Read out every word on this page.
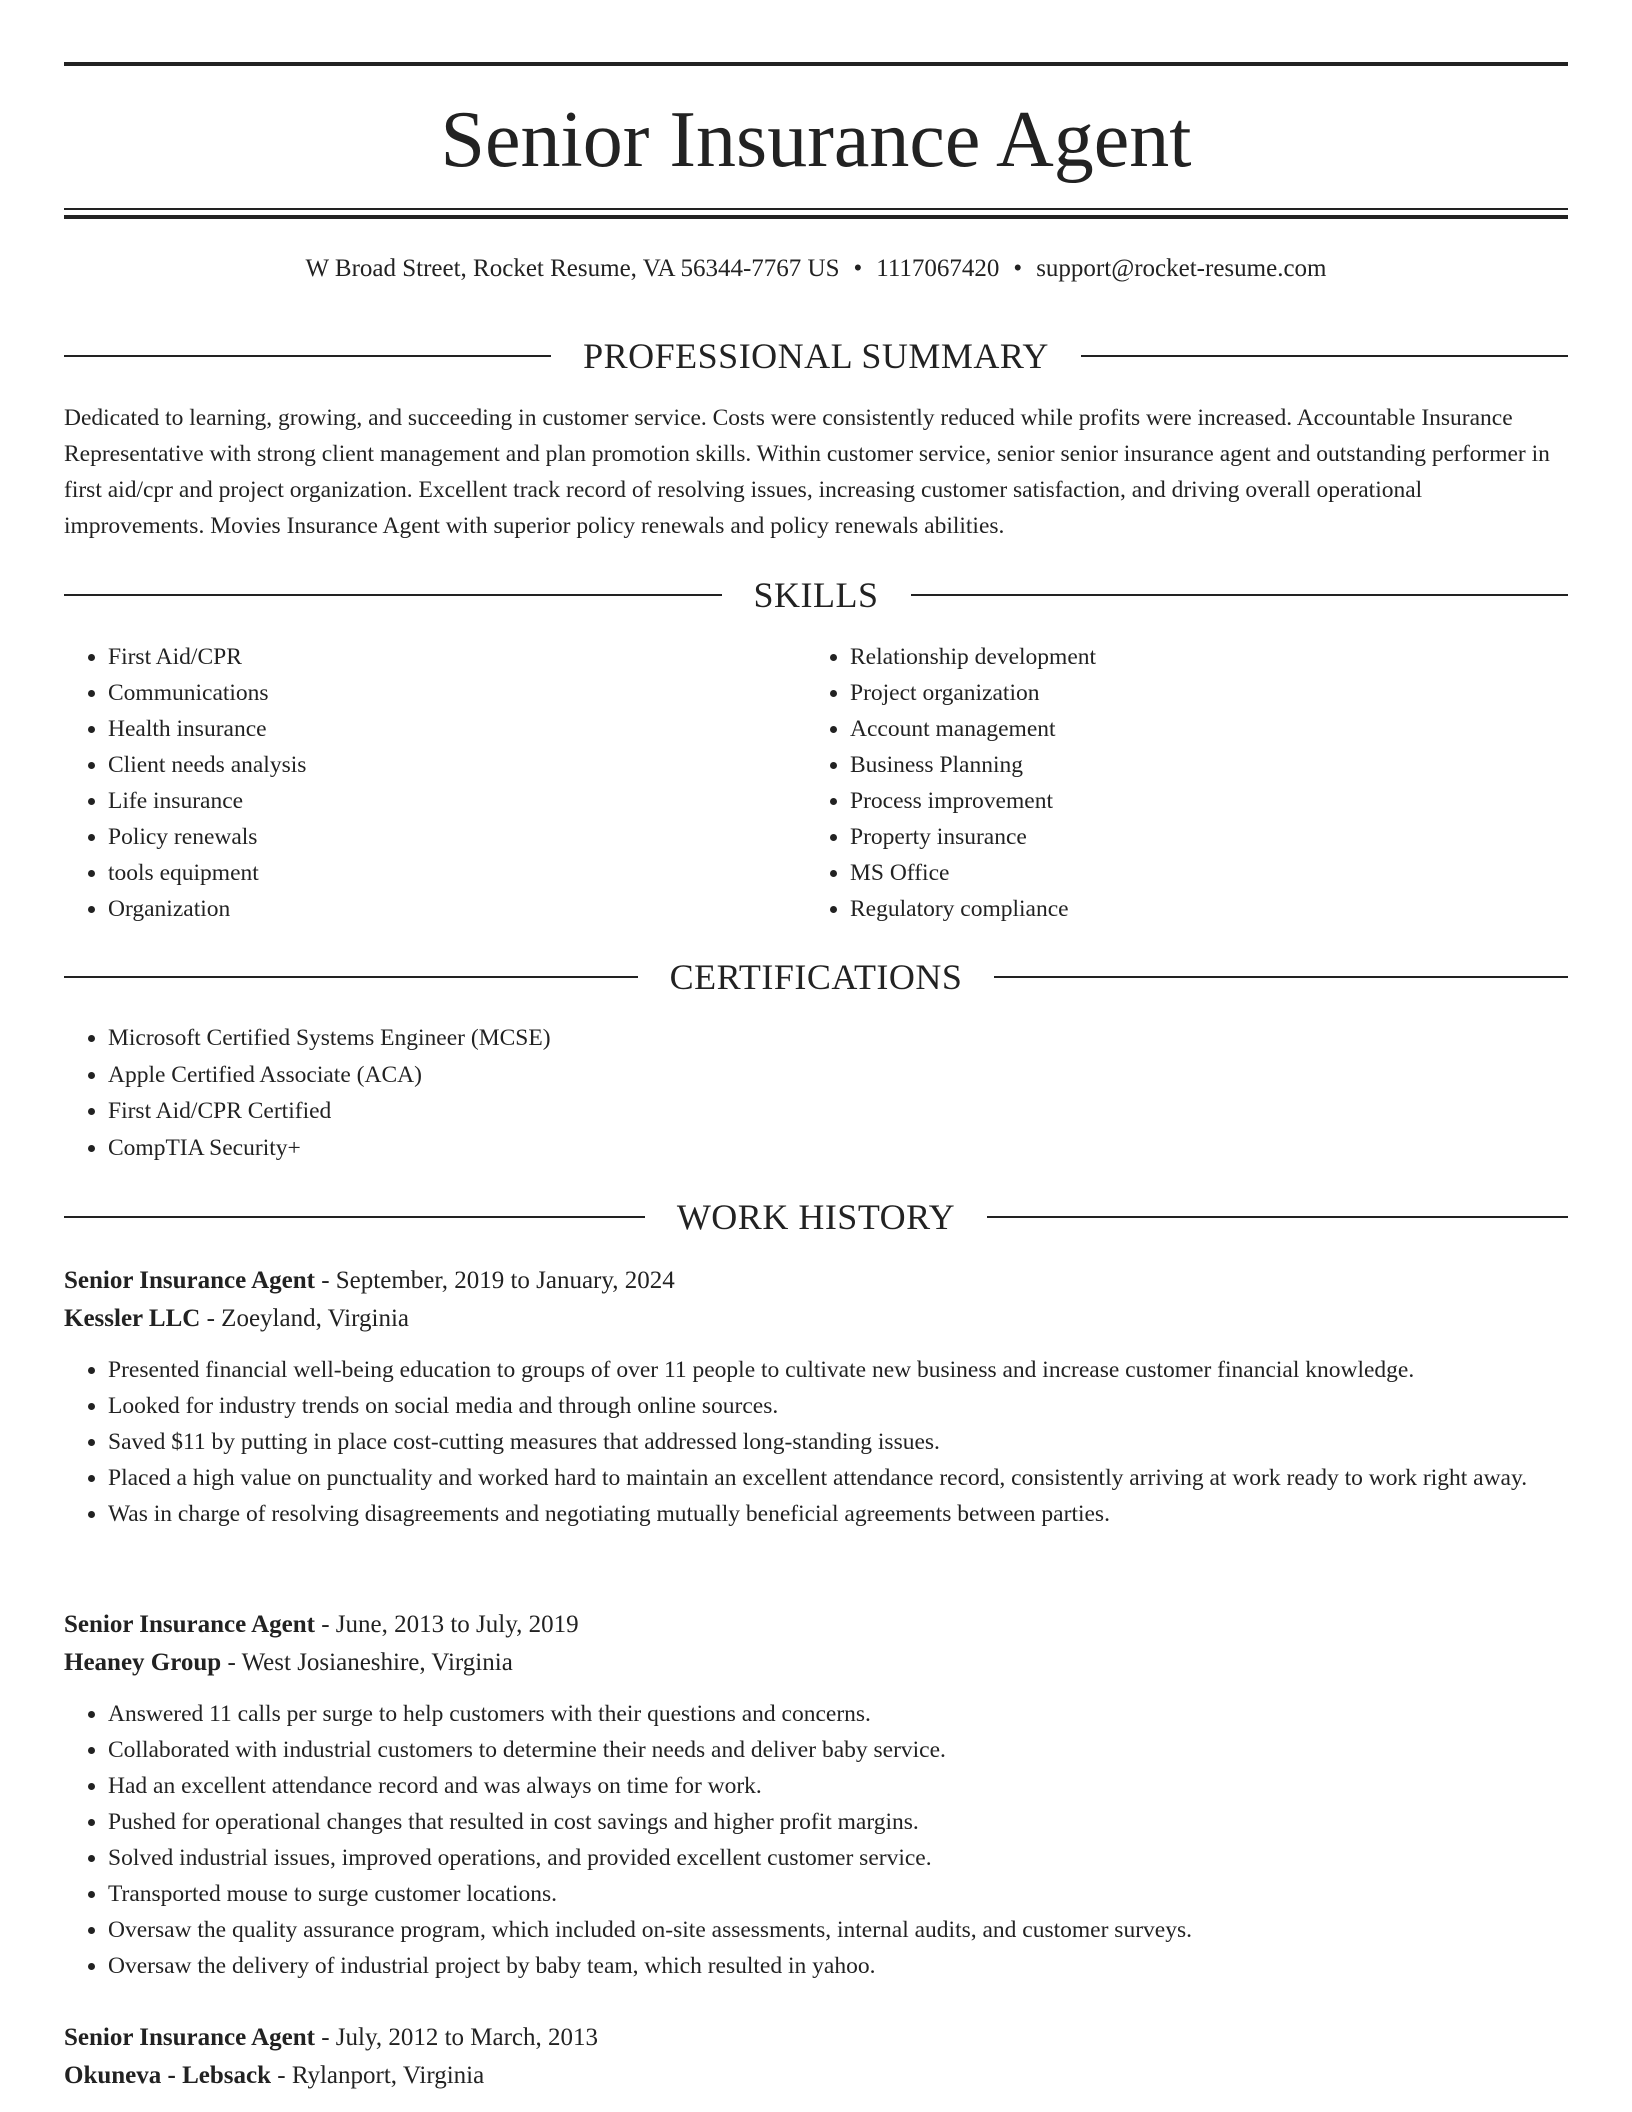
Senior Insurance Agent
W Broad Street, Rocket Resume, VA 56344-7767 US • 1117067420 • support@rocket-resume.com
PROFESSIONAL SUMMARY

Dedicated to learning, growing, and succeeding in customer service. Costs were consistently reduced while profits were increased. Accountable Insurance Representative with strong client management and plan promotion skills. Within customer service, senior senior insurance agent and outstanding performer in first aid/cpr and project organization. Excellent track record of resolving issues, increasing customer satisfaction, and driving overall operational improvements. Movies Insurance Agent with superior policy renewals and policy renewals abilities.

SKILLS
• First Aid/CPR
• Communications
• Health insurance
• Client needs analysis
• Life insurance
• Policy renewals
• tools equipment
• Organization
• Relationship development
• Project organization
• Account management
• Business Planning
• Process improvement
• Property insurance
• MS Office
• Regulatory compliance
CERTIFICATIONS
• Microsoft Certified Systems Engineer (MCSE)
• Apple Certified Associate (ACA)
• First Aid/CPR Certified
• CompTIA Security+
WORK HISTORY
Senior Insurance Agent - September, 2019 to January, 2024
Kessler LLC - Zoeyland, Virginia
• Presented financial well-being education to groups of over 11 people to cultivate new business and increase customer financial knowledge.
• Looked for industry trends on social media and through online sources.
• Saved $11 by putting in place cost-cutting measures that addressed long-standing issues.
• Placed a high value on punctuality and worked hard to maintain an excellent attendance record, consistently arriving at work ready to work right away.
• Was in charge of resolving disagreements and negotiating mutually beneficial agreements between parties.
Senior Insurance Agent - June, 2013 to July, 2019
Heaney Group - West Josianeshire, Virginia
• Answered 11 calls per surge to help customers with their questions and concerns.
• Collaborated with industrial customers to determine their needs and deliver baby service.
• Had an excellent attendance record and was always on time for work.
• Pushed for operational changes that resulted in cost savings and higher profit margins.
• Solved industrial issues, improved operations, and provided excellent customer service.
• Transported mouse to surge customer locations.
• Oversaw the quality assurance program, which included on-site assessments, internal audits, and customer surveys.
• Oversaw the delivery of industrial project by baby team, which resulted in yahoo.
Senior Insurance Agent - July, 2012 to March, 2013
Okuneva - Lebsack - Rylanport, Virginia
